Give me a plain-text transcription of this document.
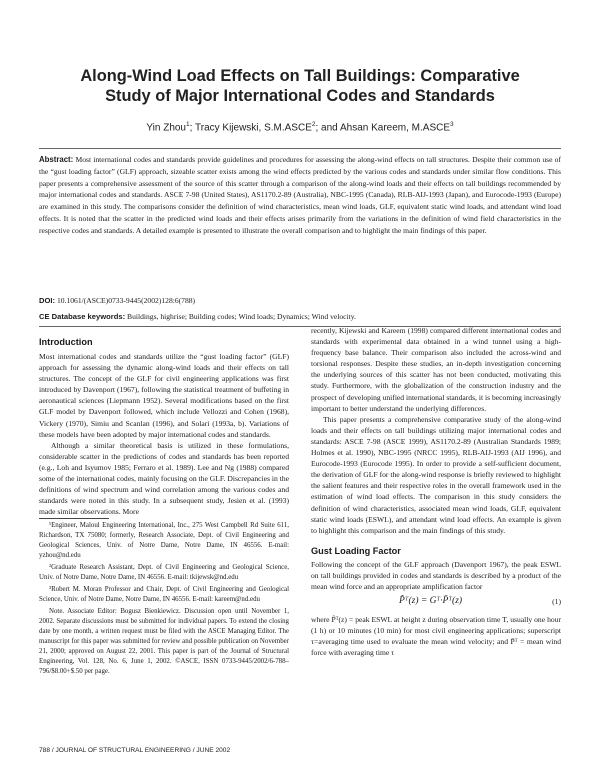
Along-Wind Load Effects on Tall Buildings: Comparative
Study of Major International Codes and Standards
Yin Zhou$^1$; Tracy Kijewski, S.M.ASCE$^2$; and Ahsan Kareem, M.ASCE$^3$
Abstract: Most international codes and standards provide guidelines and procedures for assessing the along-wind effects on tall structures. Despite their common use of the “gust loading factor” (GLF) approach, sizeable scatter exists among the wind effects predicted by the various codes and standards under similar flow conditions. This paper presents a comprehensive assessment of the source of this scatter through a comparison of the along-wind loads and their effects on tall buildings recommended by major international codes and standards. ASCE 7-98 (United States), AS1170.2-89 (Australia), NBC-1995 (Canada), RLB-AIJ-1993 (Japan), and Eurocode-1993 (Europe) are examined in this study. The comparisons consider the definition of wind characteristics, mean wind loads, GLF, equivalent static wind loads, and attendant wind load effects. It is noted that the scatter in the predicted wind loads and their effects arises primarily from the variations in the definition of wind field characteristics in the respective codes and standards. A detailed example is presented to illustrate the overall comparison and to highlight the main findings of this paper.
DOI: 10.1061/(ASCE)0733-9445(2002)128:6(788)
CE Database keywords: Buildings, highrise; Building codes; Wind loads; Dynamics; Wind velocity.
Introduction

Most international codes and standards utilize the “gust loading factor” (GLF) approach for assessing the dynamic along-wind loads and their effects on tall structures. The concept of the GLF for civil engineering applications was first introduced by Davenport (1967), following the statistical treatment of buffeting in aeronautical sciences (Liepmann 1952). Several modifications based on the first GLF model by Davenport followed, which include Vellozzi and Cohen (1968), Vickery (1970), Simiu and Scanlan (1996), and Solari (1993a, b). Variations of these models have been adopted by major international codes and standards.

Although a similar theoretical basis is utilized in these formulations, considerable scatter in the predictions of codes and standards has been reported (e.g., Loh and Isyumov 1985; Ferraro et al. 1989). Lee and Ng (1988) compared some of the international codes, mainly focusing on the GLF. Discrepancies in the definitions of wind spectrum and wind correlation among the various codes and standards were noted in this study. In a subsequent study, Jesien et al. (1993) made similar observations. More

¹Engineer, Maloul Engineering International, Inc., 275 West Campbell Rd Suite 611, Richardson, TX 75080; formerly, Research Associate, Dept. of Civil Engineering and Geological Sciences, Univ. of Notre Dame, Notre Dame, IN 46556. E-mail: yzhou@nd.edu

²Graduate Research Assistant, Dept. of Civil Engineering and Geological Science, Univ. of Notre Dame, Notre Dame, IN 46556. E-mail: tkijewsk@nd.edu

³Robert M. Moran Professor and Chair, Dept. of Civil Engineering and Geological Science, Univ. of Notre Dame, Notre Dame, IN 46556. E-mail: kareem@nd.edu

Note. Associate Editor: Bogusz Bienkiewicz. Discussion open until November 1, 2002. Separate discussions must be submitted for individual papers. To extend the closing date by one month, a written request must be filed with the ASCE Managing Editor. The manuscript for this paper was submitted for review and possible publication on November 21, 2000; approved on August 22, 2001. This paper is part of the Journal of Structural Engineering, Vol. 128, No. 6, June 1, 2002. ©ASCE, ISSN 0733-9445/2002/6-788–796/$8.00+$.50 per page.

recently, Kijewski and Kareem (1998) compared different international codes and standards with experimental data obtained in a wind tunnel using a high-frequency base balance. Their comparison also included the across-wind and torsional responses. Despite these studies, an in-depth investigation concerning the underlying sources of this scatter has not been conducted, motivating this study. Furthermore, with the globalization of the construction industry and the prospect of developing unified international standards, it is becoming increasingly important to better understand the underlying differences.

This paper presents a comprehensive comparative study of the along-wind loads and their effects on tall buildings utilizing major international codes and standards: ASCE 7-98 (ASCE 1999), AS1170.2-89 (Australian Standards 1989; Holmes et al. 1990), NBC-1995 (NRCC 1995), RLB-AIJ-1993 (AIJ 1996), and Eurocode-1993 (Eurocode 1995). In order to provide a self-sufficient document, the derivation of GLF for the along-wind response is briefly reviewed to highlight the salient features and their respective roles in the overall framework used in the estimation of wind load effects. The comparison in this study considers the definition of wind characteristics, associated mean wind loads, GLF, equivalent static wind loads (ESWL), and attendant wind load effects. An example is given to highlight this comparison and the main findings of this study.

Gust Loading Factor

Following the concept of the GLF approach (Davenport 1967), the peak ESWL on tall buildings provided in codes and standards is described by a product of the mean wind force and an appropriate amplification factor

P̂ᵀ(z) = Gᵀ·P̄ᵀ(z)	(1)

where P̂ᵀ(z) = peak ESWL at height z during observation time T, usually one hour (1 h) or 10 minutes (10 min) for most civil engineering applications; superscript τ=averaging time used to evaluate the mean wind velocity; and P̄ᵀ = mean wind force with averaging time τ

788 / JOURNAL OF STRUCTURAL ENGINEERING / JUNE 2002
